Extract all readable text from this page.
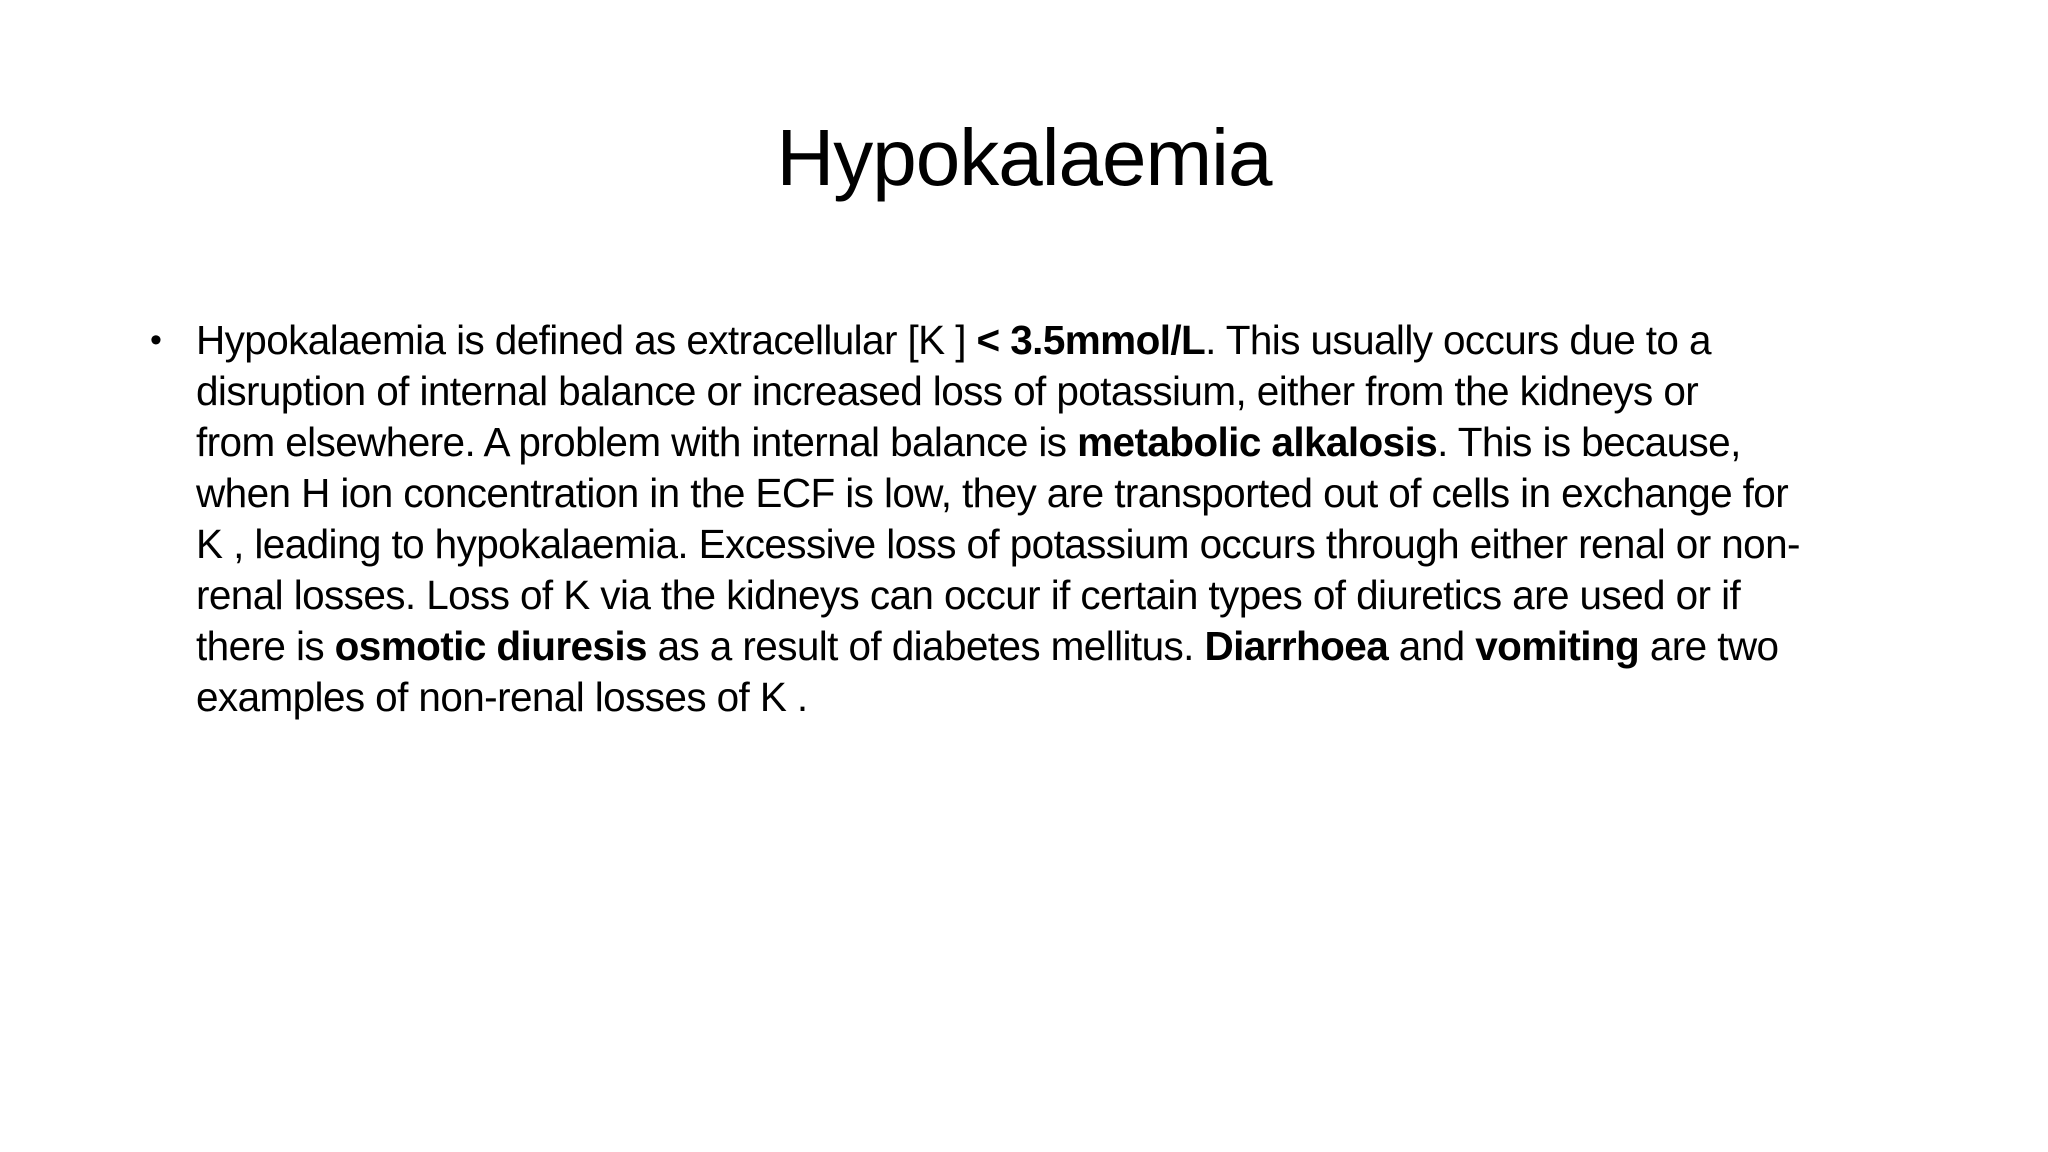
Hypokalaemia
• Hypokalaemia is defined as extracellular [K ] < 3.5mmol/L. This usually occurs due to a
disruption of internal balance or increased loss of potassium, either from the kidneys or
from elsewhere. A problem with internal balance is metabolic alkalosis. This is because,
when H ion concentration in the ECF is low, they are transported out of cells in exchange for
K , leading to hypokalaemia. Excessive loss of potassium occurs through either renal or non-
renal losses. Loss of K via the kidneys can occur if certain types of diuretics are used or if
there is osmotic diuresis as a result of diabetes mellitus. Diarrhoea and vomiting are two
examples of non-renal losses of K .
